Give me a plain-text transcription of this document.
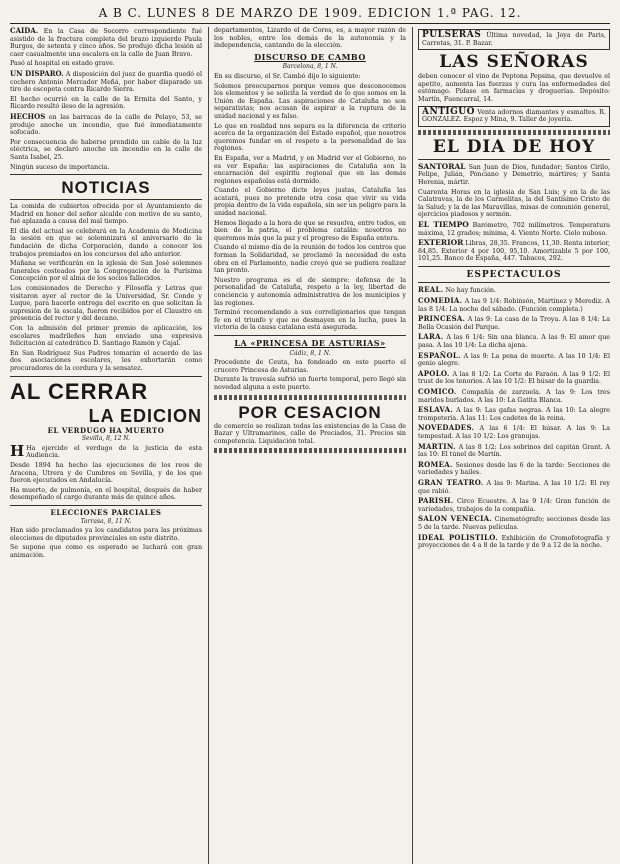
A B C. LUNES 8 DE MARZO DE 1909. EDICION 1.ª PAG. 12.

CAÍDA. En la Casa de Socorro correspondiente fué asistido de la fractura completa del brazo izquierdo Paula Burgos, de setenta y cinco años. Se produjo dicha lesión al caer casualmente una escalera en la calle de Juan Bravo.

Pasó al hospital en estado grave.

UN DISPARO. A disposición del juez de guardia quedó el cochero Antonio Mercader Meñá, por haber disparado un tiro de escopeta contra Ricardo Sierra.

El hecho ocurrió en la calle de la Ermita del Santo, y Ricardo resultó ileso de la agresión.

HECHOS en las barracas de la calle de Pelayo, 53, se produjo anoche un incendio, que fué inmediatamente sofocado.

Por consecuencia de haberse prendido un cable de la luz eléctrica, se declaró anoche un incendio en la calle de Santa Isabel, 25.

Ningún suceso de importancia.

NOTICIAS

La comida de cubiertos ofrecida por el Ayuntamiento de Madrid en honor del señor alcalde con motivo de su santo, fué aplazada a causa del mal tiempo.

El día del actual se celebrará en la Academia de Medicina la sesión en que se solemnizará el aniversario de la fundación de dicha Corporación, dando a conocer los trabajos premiados en los concursos del año anterior.

Mañana se verificarán en la iglesia de San José solemnes funerales costeados por la Congregación de la Purísima Concepción por el alma de los socios fallecidos.

Los comisionados de Derecho y Filosofía y Letras que visitaron ayer al rector de la Universidad, Sr. Conde y Luque, para hacerle entrega del escrito en que solicitan la supresión de la escala, fueron recibidos por el Claustro en presencia del rector y del decano.

Con la admisión del primer premio de aplicación, los escolares madrileños han enviado una expresiva felicitación al catedrático D. Santiago Ramón y Cajal.

En San Rodríguez Sus Padres tomarán el acuerdo de las dos asociaciones escolares, les exhortarán como procuradores de la cordura y la sensatez.

AL CERRAR
LA EDICION
EL VERDUGO HA MUERTO
Sevilla, 8, 12 N.

H Ha ejercido el verdugo de la justicia de esta Audiencia.

Desde 1894 ha hecho las ejecuciones de los reos de Aracena, Utrera y de Cumbres en Sevilla, y de los que fueron ejecutados en Andalucía.

Ha muerto, de pulmonía, en el hospital, después de haber desempeñado el cargo durante más de quince años.

ELECCIONES PARCIALES
Tarrasa, 8, 11 N.

Han sido proclamados ya los candidatos para las próximas elecciones de diputados provinciales en este distrito.

Se supone que como es esperado se luchará con gran animación.

departamentos, Lizardo el de Cores, es, a mayor razón de los nobles, entre los demás de la autonomía y la independencia, cantando de la elección.

DISCURSO DE CAMBO
Barcelona, 8, 1 N.

En su discurso, el Sr. Cambó dijo lo siguiente:

Solemos preocuparnos porque vemos que desconocemos los elementos y se solicita la verdad de lo que somos en la Unión de España. Las aspiraciones de Cataluña no son separatistas; nos acusan de aspirar a la ruptura de la unidad nacional y es falso.

Lo que en realidad nos separa es la diferencia de criterio acerca de la organización del Estado español, que nosotros queremos fundar en el respeto a la personalidad de las regiones.

En España, ver a Madrid, y en Madrid ver el Gobierno, no es ver España: las aspiraciones de Cataluña son la encarnación del espíritu regional que en las demás regiones españolas está dormido.

Cuando el Gobierno dicte leyes justas, Cataluña las acatará, pues no pretende otra cosa que vivir su vida propia dentro de la vida española, sin ser un peligro para la unidad nacional.

Hemos llegado a la hora de que se resuelva, entre todos, en bien de la patria, el problema catalán: nosotros no queremos más que la paz y el progreso de España entera.

Cuando el mismo día de la reunión de todos los centros que forman la Solidaridad, se proclamó la necesidad de esta obra en el Parlamento, nadie creyó que se pudiera realizar tan pronto.

Nuestro programa es el de siempre: defensa de la personalidad de Cataluña, respeto a la ley, libertad de conciencia y autonomía administrativa de los municipios y las regiones.

Terminó recomendando a sus correligionarios que tengan fe en el triunfo y que no desmayen en la lucha, pues la victoria de la causa catalana está asegurada.

LA «PRINCESA DE ASTURIAS»
Cádiz, 8, 1 N.

Procedente de Ceuta, ha fondeado en este puerto el crucero Princesa de Asturias.

Durante la travesía sufrió un fuerte temporal, pero llegó sin novedad alguna a este puerto.

POR CESACION

de comercio se realizan todas las existencias de la Casa de Bazar y Ultramarinos, calle de Preciados, 31. Precios sin competencia. Liquidación total.

PULSERAS Última novedad, la Joya de Paris, Carretas, 31. P. Bazar.
LAS SEÑORAS

deben conocer el vino de Peptona Pepsina, que devuelve el apetito, aumenta las fuerzas y cura las enfermedades del estómago. Pídase en farmacias y droguerías. Depósito: Martín, Fuencarral, 14.

ANTIGUO Venta adornos diamantes y esmaltes. R. GONZALEZ. Espoz y Mina, 9. Taller de joyería.
EL DIA DE HOY

SANTORAL San Juan de Dios, fundador; Santos Cirilo, Felipe, Julián, Pónciano y Demetrio, mártires; y Santa Herenia, mártir.

Cuarenta Horas en la iglesia de San Luis; y en la de las Calatravas, la de los Carmelitas, la del Santísimo Cristo de la Salud; y la de las Maravillas, misas de comunión general, ejercicios piadosos y sermón.

EL TIEMPO Barómetro, 702 milímetros. Temperatura máxima, 12 grados; mínima, 4. Viento Norte. Cielo nuboso.

EXTERIOR Libras, 28,35. Francos, 11,30. Renta interior, 84,85. Exterior 4 por 100, 95,10. Amortizable 5 por 100, 101,25. Banco de España, 447. Tabacos, 292.

ESPECTACULOS

REAL. No hay función.

COMEDIA. A las 9 1/4: Robinsón, Martínez y Merediz. A las 8 1/4: La noche del sábado. (Función completa.)

PRINCESA. A las 9: La casa de la Troya. A las 8 1/4: La Bella Ocasión del Parque.

LARA. A las 6 1/4: Sin una blanca. A las 9: El amor que pasa. A las 10 1/4: La dicha ajena.

ESPAÑOL. A las 9: La pena de muerte. A las 10 1/4: El genio alegre.

APOLO. A las 8 1/2: La Corte de Faraón. A las 9 1/2: El trust de los tenorios. A las 10 1/2: El húsar de la guardia.

COMICO. Compañía de zarzuela. A las 9: Los tres maridos burlados. A las 10: La Gatita Blanca.

ESLAVA. A las 9: Las gafas negras. A las 10: La alegre trompetería. A las 11: Los cadetes de la reina.

NOVEDADES. A las 6 1/4: El húsar. A las 9: La tempestad. A las 10 1/2: Los granujas.

MARTIN. A las 8 1/2: Los sobrinos del capitán Grant. A las 10: El túnel de Martín.

ROMEA. Sesiones desde las 6 de la tarde: Secciones de variedades y bailes.

GRAN TEATRO. A las 9: Marina. A las 10 1/2: El rey que rabió.

PARISH. Circo Ecuestre. A las 9 1/4: Gran función de variedades, trabajos de la compañía.

SALON VENECIA. Cinematógrafo; secciones desde las 5 de la tarde. Nuevas películas.

IDEAL POLISTILO. Exhibición de Cromofotografía y proyecciones de 4 a 8 de la tarde y de 9 a 12 de la noche.
